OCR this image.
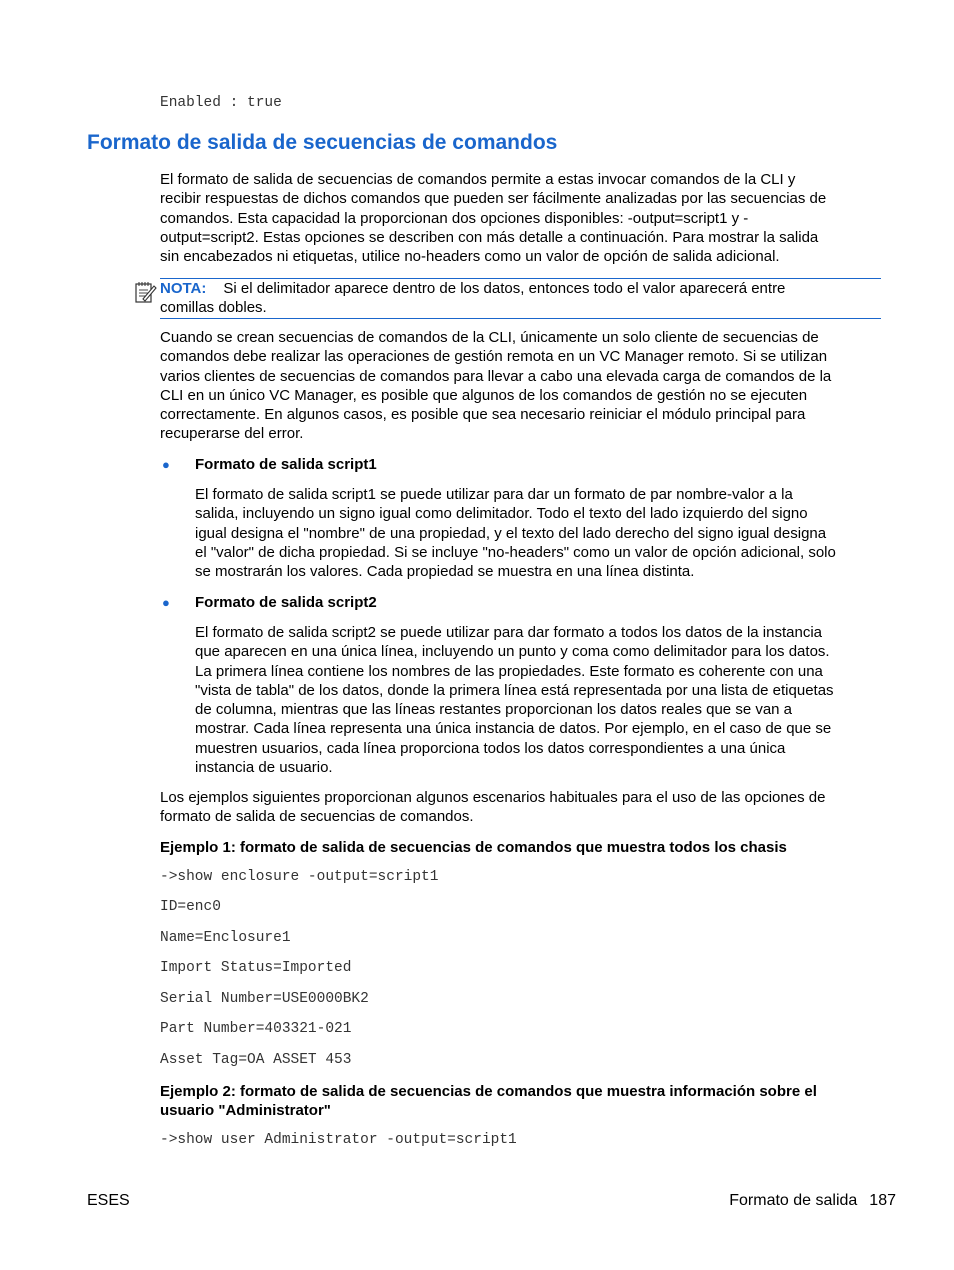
Enabled : true
Formato de salida de secuencias de comandos
El formato de salida de secuencias de comandos permite a estas invocar comandos de la CLI y
recibir respuestas de dichos comandos que pueden ser fácilmente analizadas por las secuencias de
comandos. Esta capacidad la proporcionan dos opciones disponibles: -output=script1 y -
output=script2. Estas opciones se describen con más detalle a continuación. Para mostrar la salida
sin encabezados ni etiquetas, utilice no-headers como un valor de opción de salida adicional.
NOTA: Si el delimitador aparece dentro de los datos, entonces todo el valor aparecerá entre
comillas dobles.
Cuando se crean secuencias de comandos de la CLI, únicamente un solo cliente de secuencias de
comandos debe realizar las operaciones de gestión remota en un VC Manager remoto. Si se utilizan
varios clientes de secuencias de comandos para llevar a cabo una elevada carga de comandos de la
CLI en un único VC Manager, es posible que algunos de los comandos de gestión no se ejecuten
correctamente. En algunos casos, es posible que sea necesario reiniciar el módulo principal para
recuperarse del error.
● Formato de salida script1
El formato de salida script1 se puede utilizar para dar un formato de par nombre-valor a la
salida, incluyendo un signo igual como delimitador. Todo el texto del lado izquierdo del signo
igual designa el "nombre" de una propiedad, y el texto del lado derecho del signo igual designa
el "valor" de dicha propiedad. Si se incluye "no-headers" como un valor de opción adicional, solo
se mostrarán los valores. Cada propiedad se muestra en una línea distinta.
● Formato de salida script2
El formato de salida script2 se puede utilizar para dar formato a todos los datos de la instancia
que aparecen en una única línea, incluyendo un punto y coma como delimitador para los datos.
La primera línea contiene los nombres de las propiedades. Este formato es coherente con una
"vista de tabla" de los datos, donde la primera línea está representada por una lista de etiquetas
de columna, mientras que las líneas restantes proporcionan los datos reales que se van a
mostrar. Cada línea representa una única instancia de datos. Por ejemplo, en el caso de que se
muestren usuarios, cada línea proporciona todos los datos correspondientes a una única
instancia de usuario.
Los ejemplos siguientes proporcionan algunos escenarios habituales para el uso de las opciones de
formato de salida de secuencias de comandos.
Ejemplo 1: formato de salida de secuencias de comandos que muestra todos los chasis
->show enclosure -output=script1
ID=enc0
Name=Enclosure1
Import Status=Imported
Serial Number=USE0000BK2
Part Number=403321-021
Asset Tag=OA ASSET 453
Ejemplo 2: formato de salida de secuencias de comandos que muestra información sobre el
usuario "Administrator"
->show user Administrator -output=script1
ESES	Formato de salida 187
